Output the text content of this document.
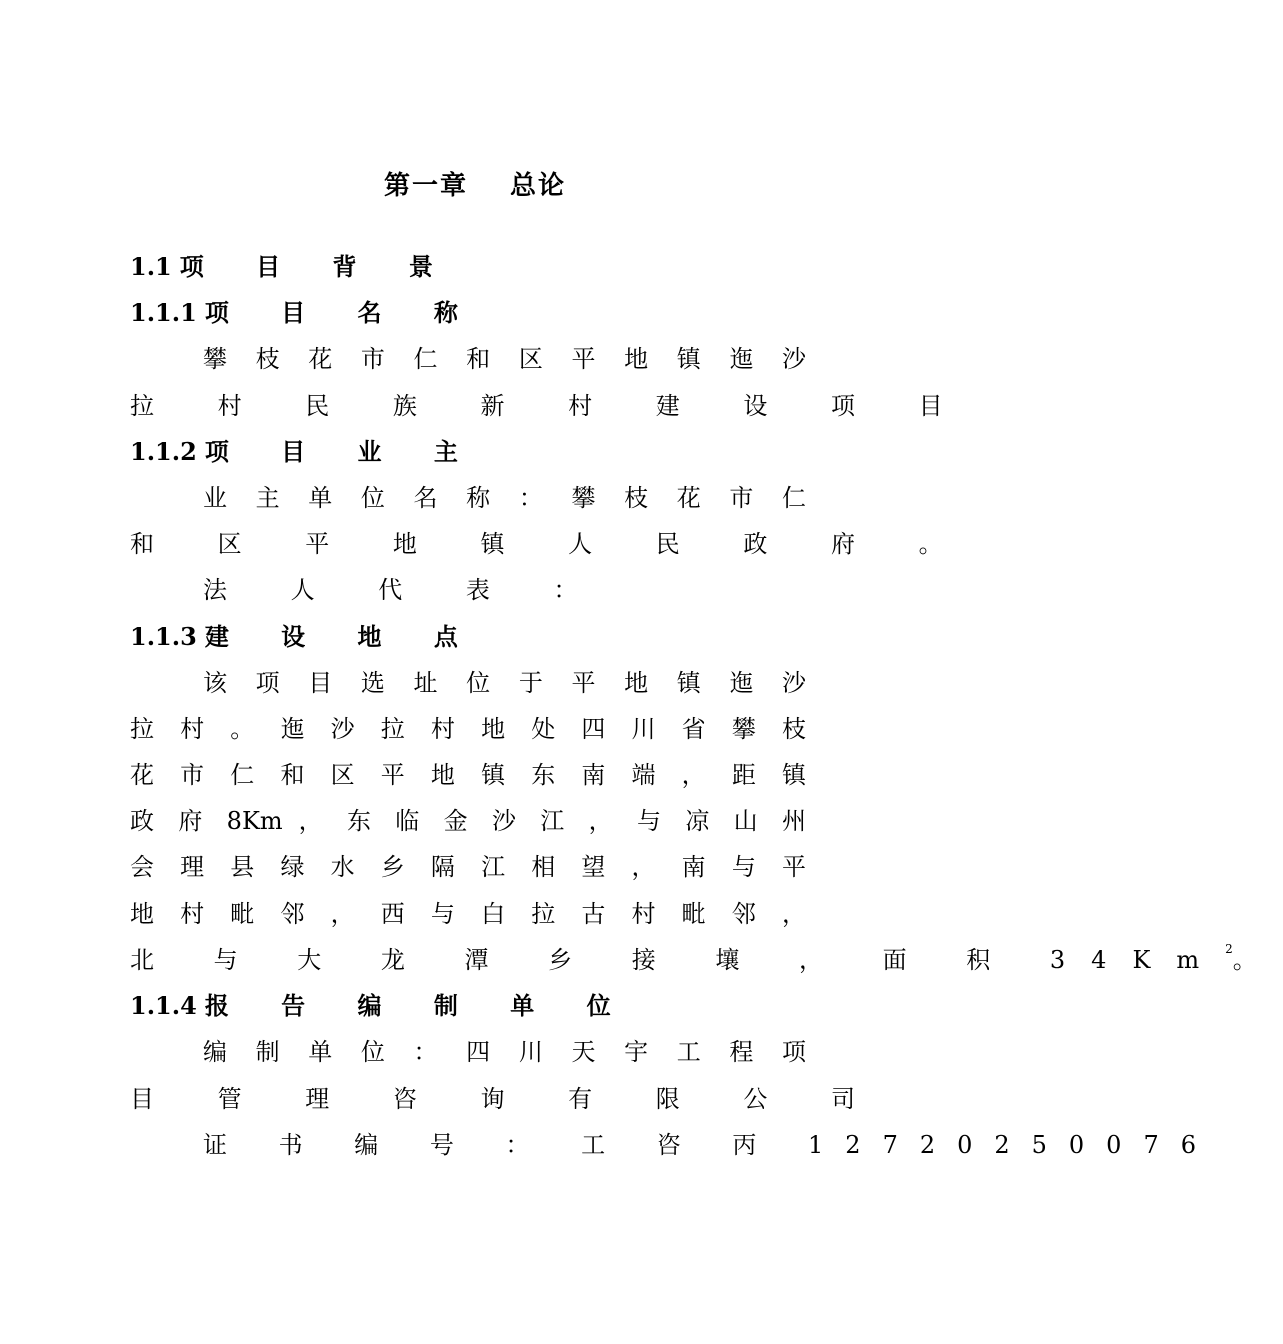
第一章 总论
1.1 项 目 背 景
1.1.1 项 目 名 称
攀 枝 花 市 仁 和 区 平 地 镇 迤 沙
拉 村 民 族 新 村 建 设 项 目
1.1.2 项 目 业 主
业 主 单 位 名 称 ： 攀 枝 花 市 仁
和 区 平 地 镇 人 民 政 府 。
法 人 代 表 ：
1.1.3 建 设 地 点
该 项 目 选 址 位 于 平 地 镇 迤 沙
拉 村 。 迤 沙 拉 村 地 处 四 川 省 攀 枝
花 市 仁 和 区 平 地 镇 东 南 端 ， 距 镇
政 府 8Km ， 东 临 金 沙 江 ， 与 凉 山 州
会 理 县 绿 水 乡 隔 江 相 望 ， 南 与 平
地 村 毗 邻 ， 西 与 白 拉 古 村 毗 邻 ，
北 与 大 龙 潭 乡 接 壤 ， 面 积 34Km$^2$。
1.1.4 报 告 编 制 单 位
编 制 单 位 ： 四 川 天 宇 工 程 项
目 管 理 咨 询 有 限 公 司
证 书 编 号 ： 工 咨 丙 12720250076
